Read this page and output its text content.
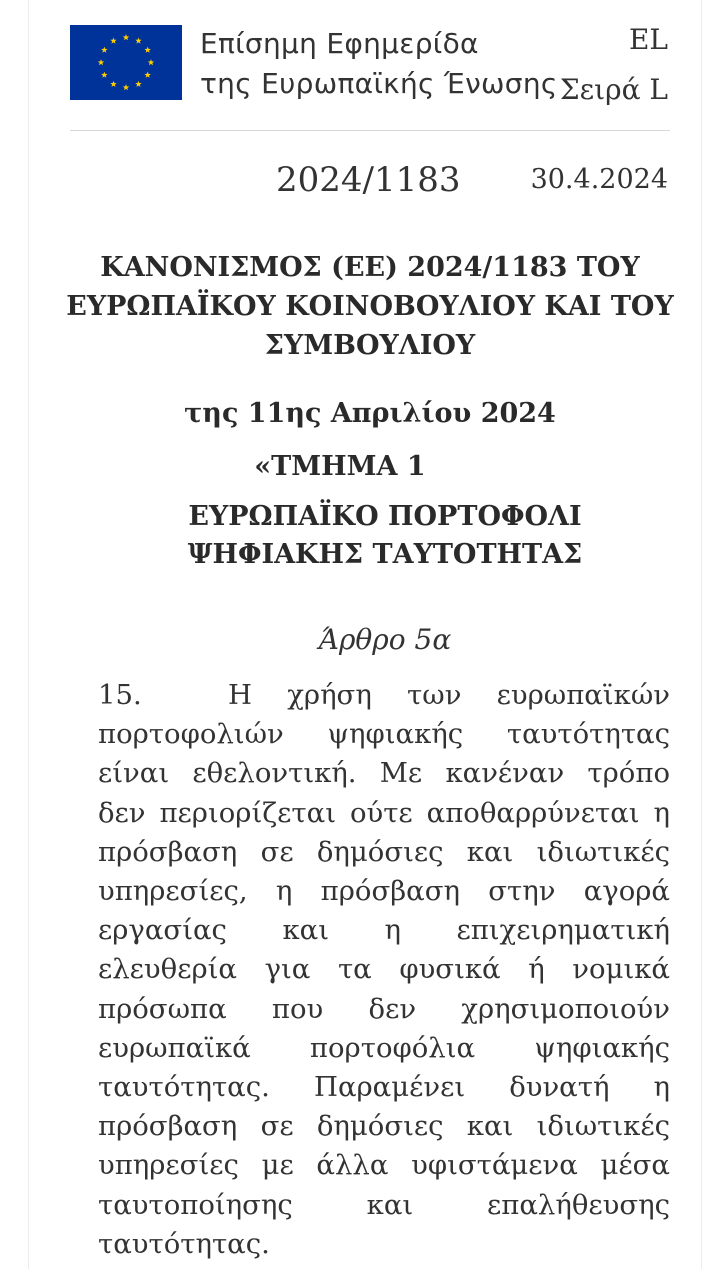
Επίσημη Εφημερίδα
της Ευρωπαϊκής Ένωσης
EL
Σειρά L
2024/1183	30.4.2024
ΚΑΝΟΝΙΣΜΟΣ (ΕΕ) 2024/1183 ΤΟΥ
ΕΥΡΩΠΑΪΚΟΥ ΚΟΙΝΟΒΟΥΛΙΟΥ ΚΑΙ ΤΟΥ
ΣΥΜΒΟΥΛΙΟΥ
της 11ης Απριλίου 2024
«ΤΜΗΜΑ 1
ΕΥΡΩΠΑΪΚΟ ΠΟΡΤΟΦΟΛΙ
ΨΗΦΙΑΚΗΣ ΤΑΥΤΟΤΗΤΑΣ
Άρθρο 5α
15.	Η χρήση των ευρωπαϊκών πορτοφολιών ψηφιακής ταυτότητας είναι εθελοντική. Με κανέναν τρόπο δεν περιορίζεται ούτε αποθαρρύνεται η πρόσβαση σε δημόσιες και ιδιωτικές υπηρεσίες, η πρόσβαση στην αγορά εργασίας και η επιχειρηματική ελευθερία για τα φυσικά ή νομικά πρόσωπα που δεν χρησιμοποιούν ευρωπαϊκά πορτοφόλια ψηφιακής ταυτότητας. Παραμένει δυνατή η πρόσβαση σε δημόσιες και ιδιωτικές υπηρεσίες με άλλα υφιστάμενα μέσα ταυτοποίησης και επαλήθευσης ταυτότητας.
